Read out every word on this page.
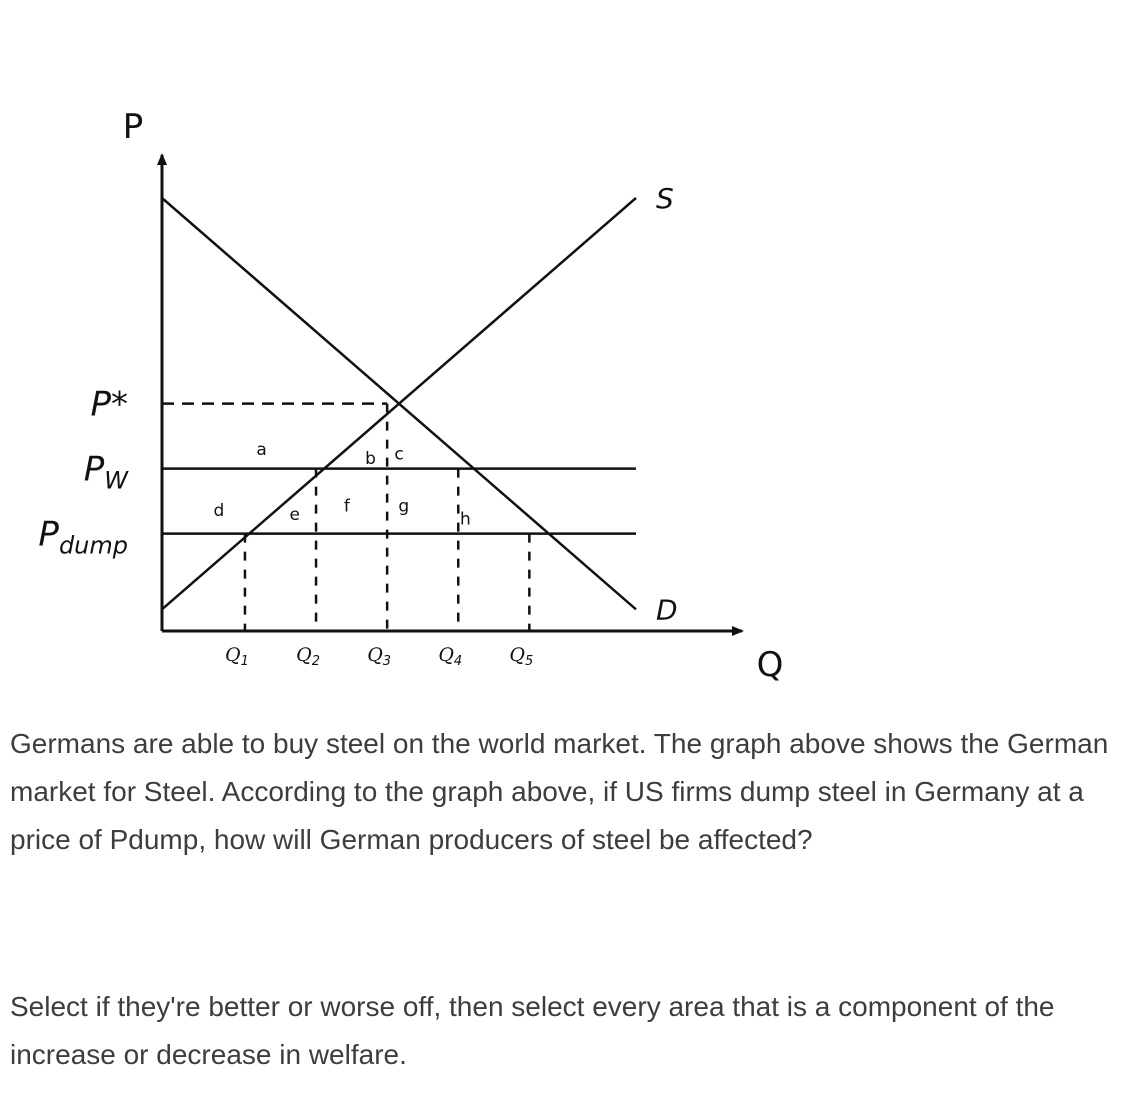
P
Q
S
D
P*
$P_W$
$P_{dump}$
$Q_1$ $Q_2$ $Q_3$ $Q_4$ $Q_5$
a	b c
d	e	f	g
h

Germans are able to buy steel on the world market. The graph above shows the German market for Steel. According to the graph above, if US firms dump steel in Germany at a price of Pdump, how will German producers of steel be affected?

Select if they're better or worse off, then select every area that is a component of the increase or decrease in welfare.
